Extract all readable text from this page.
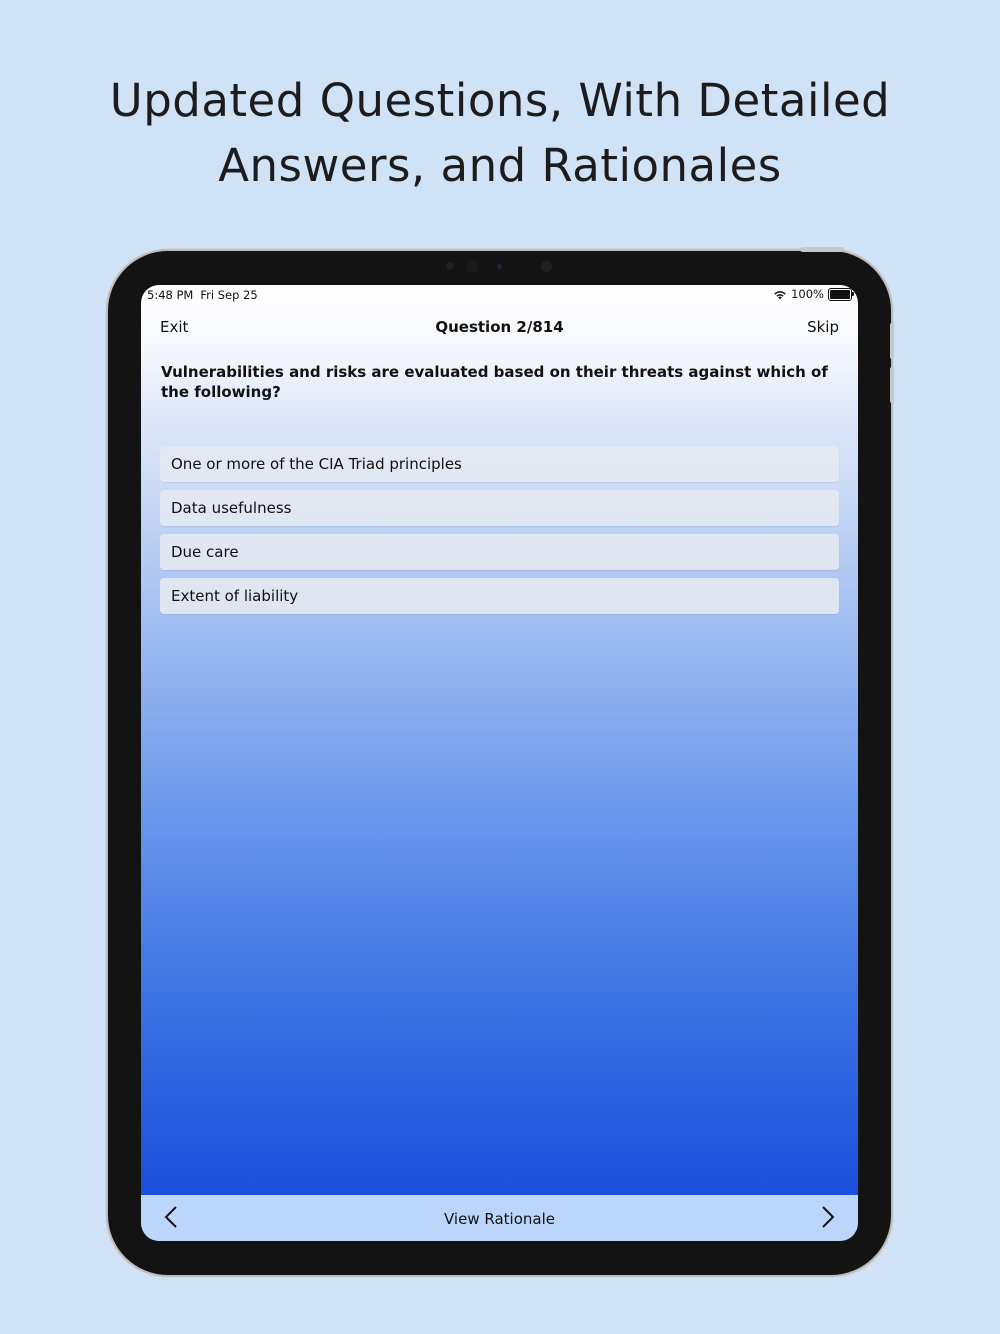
Updated Questions, With Detailed
Answers, and Rationales
5:48 PM Fri Sep 25	100%
Exit	Question 2/814	Skip
Vulnerabilities and risks are evaluated based on their threats against which of the following?
One or more of the CIA Triad principles
Data usefulness
Due care
Extent of liability
View Rationale
